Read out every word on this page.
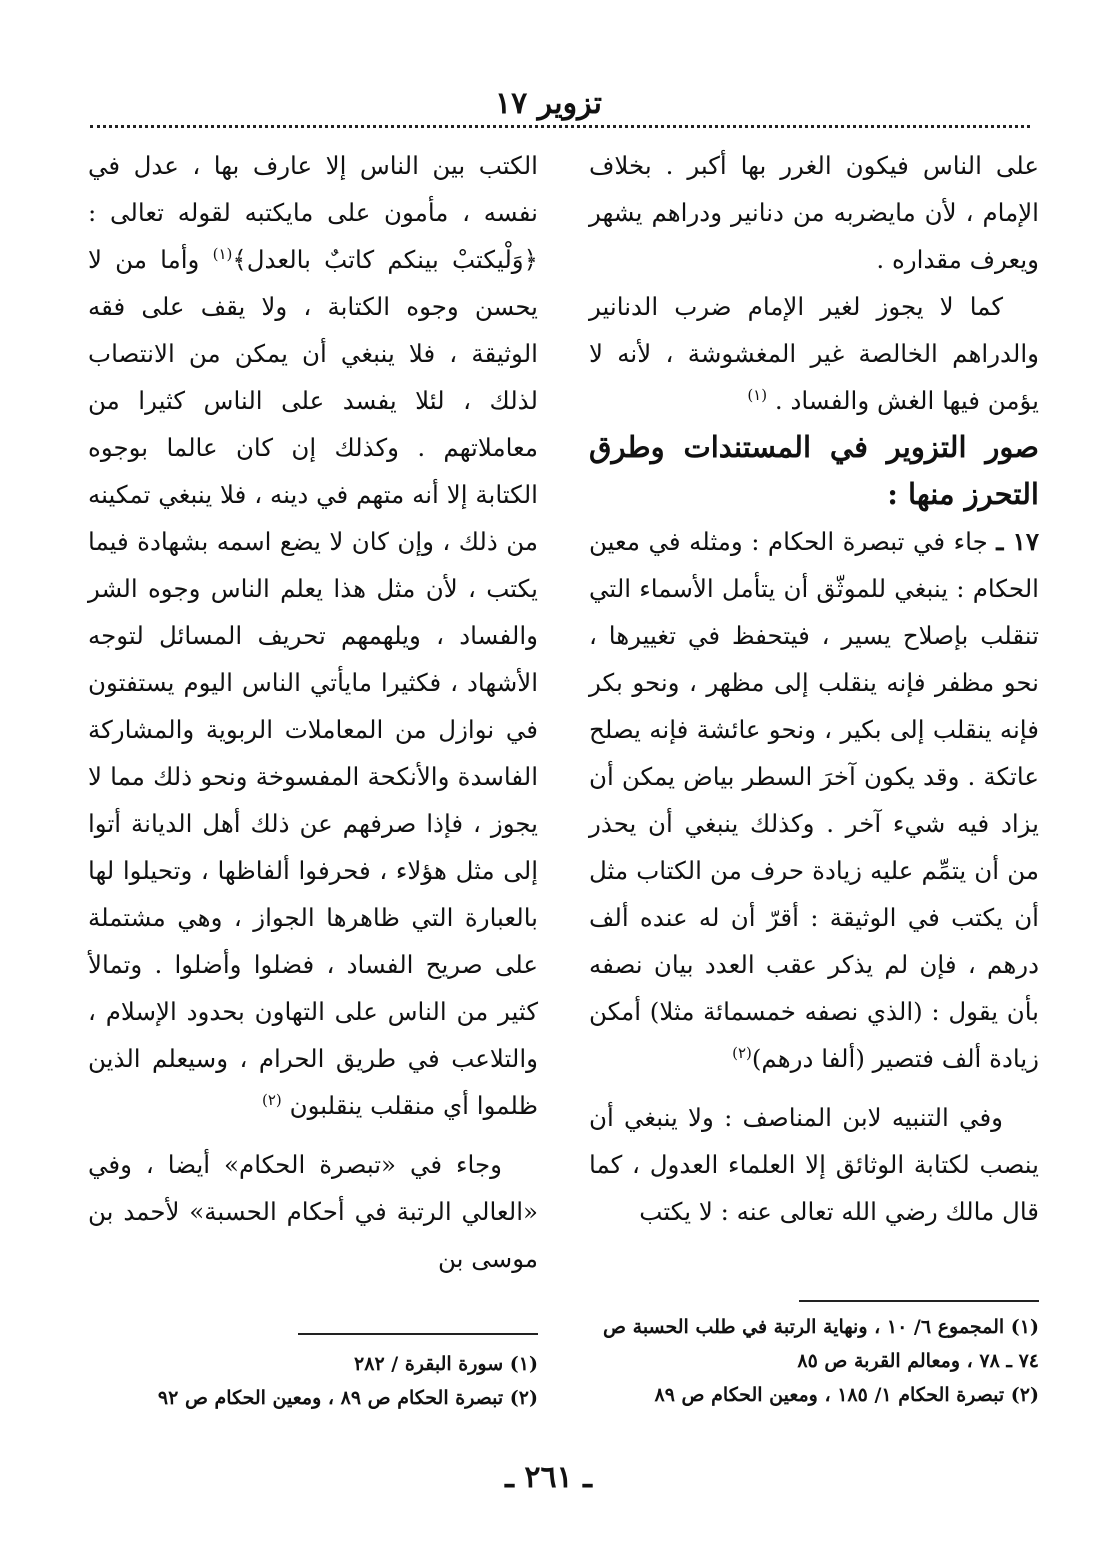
تزوير ١٧

على الناس فيكون الغرر بها أكبر . بخلاف الإمام ، لأن مايضربه من دنانير ودراهم يشهر ويعرف مقداره .

كما لا يجوز لغير الإمام ضرب الدنانير والدراهم الخالصة غير المغشوشة ، لأنه لا يؤمن فيها الغش والفساد . $^{(١)}$

صور التزوير في المستندات وطرق التحرز منها :

١٧ ـ جاء في تبصرة الحكام : ومثله في معين الحكام : ينبغي للموثّق أن يتأمل الأسماء التي تنقلب بإصلاح يسير ، فيتحفظ في تغييرها ، نحو مظفر فإنه ينقلب إلى مظهر ، ونحو بكر فإنه ينقلب إلى بكير ، ونحو عائشة فإنه يصلح عاتكة . وقد يكون آخرَ السطر بياض يمكن أن يزاد فيه شيء آخر . وكذلك ينبغي أن يحذر من أن يتمِّم عليه زيادة حرف من الكتاب مثل أن يكتب في الوثيقة : أقرّ أن له عنده ألف درهم ، فإن لم يذكر عقب العدد بيان نصفه بأن يقول : (الذي نصفه خمسمائة مثلا) أمكن زيادة ألف فتصير (ألفا درهم)$^{(٢)}$

وفي التنبيه لابن المناصف : ولا ينبغي أن ينصب لكتابة الوثائق إلا العلماء العدول ، كما قال مالك رضي الله تعالى عنه : لا يكتب

الكتب بين الناس إلا عارف بها ، عدل في نفسه ، مأمون على مايكتبه لقوله تعالى : ﴿وَلْيكتبْ بينكم كاتبٌ بالعدل﴾$^{(١)}$ وأما من لا يحسن وجوه الكتابة ، ولا يقف على فقه الوثيقة ، فلا ينبغي أن يمكن من الانتصاب لذلك ، لئلا يفسد على الناس كثيرا من معاملاتهم . وكذلك إن كان عالما بوجوه الكتابة إلا أنه متهم في دينه ، فلا ينبغي تمكينه من ذلك ، وإن كان لا يضع اسمه بشهادة فيما يكتب ، لأن مثل هذا يعلم الناس وجوه الشر والفساد ، ويلهمهم تحريف المسائل لتوجه الأشهاد ، فكثيرا مايأتي الناس اليوم يستفتون في نوازل من المعاملات الربوية والمشاركة الفاسدة والأنكحة المفسوخة ونحو ذلك مما لا يجوز ، فإذا صرفهم عن ذلك أهل الديانة أتوا إلى مثل هؤلاء ، فحرفوا ألفاظها ، وتحيلوا لها بالعبارة التي ظاهرها الجواز ، وهي مشتملة على صريح الفساد ، فضلوا وأضلوا . وتمالأ كثير من الناس على التهاون بحدود الإسلام ، والتلاعب في طريق الحرام ، وسيعلم الذين ظلموا أي منقلب ينقلبون $^{(٢)}$

وجاء في «تبصرة الحكام» أيضا ، وفي «العالي الرتبة في أحكام الحسبة» لأحمد بن موسى بن

(١) المجموع ٦/ ١٠ ، ونهاية الرتبة في طلب الحسبة ص ٧٤ ـ ٧٨ ، ومعالم القربة ص ٨٥

(٢) تبصرة الحكام ١/ ١٨٥ ، ومعين الحكام ص ٨٩

(١) سورة البقرة / ٢٨٢

(٢) تبصرة الحكام ص ٨٩ ، ومعين الحكام ص ٩٢

ـ ٢٦١ ـ
